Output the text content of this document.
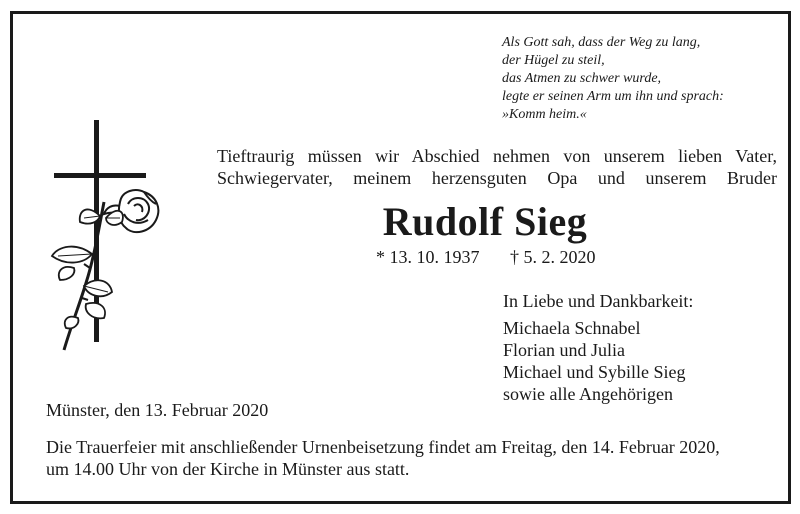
Als Gott sah, dass der Weg zu lang,
der Hügel zu steil,
das Atmen zu schwer wurde,
legte er seinen Arm um ihn und sprach:
»Komm heim.«
Tieftraurig müssen wir Abschied nehmen von unserem lieben Vater,
Schwiegervater, meinem herzensguten Opa und unserem Bruder
Rudolf Sieg
* 13. 10. 1937 † 5. 2. 2020
In Liebe und Dankbarkeit:
Michaela Schnabel
Florian und Julia
Michael und Sybille Sieg
sowie alle Angehörigen
Münster, den 13. Februar 2020
Die Trauerfeier mit anschließender Urnenbeisetzung findet am Freitag, den 14. Februar 2020,
um 14.00 Uhr von der Kirche in Münster aus statt.
